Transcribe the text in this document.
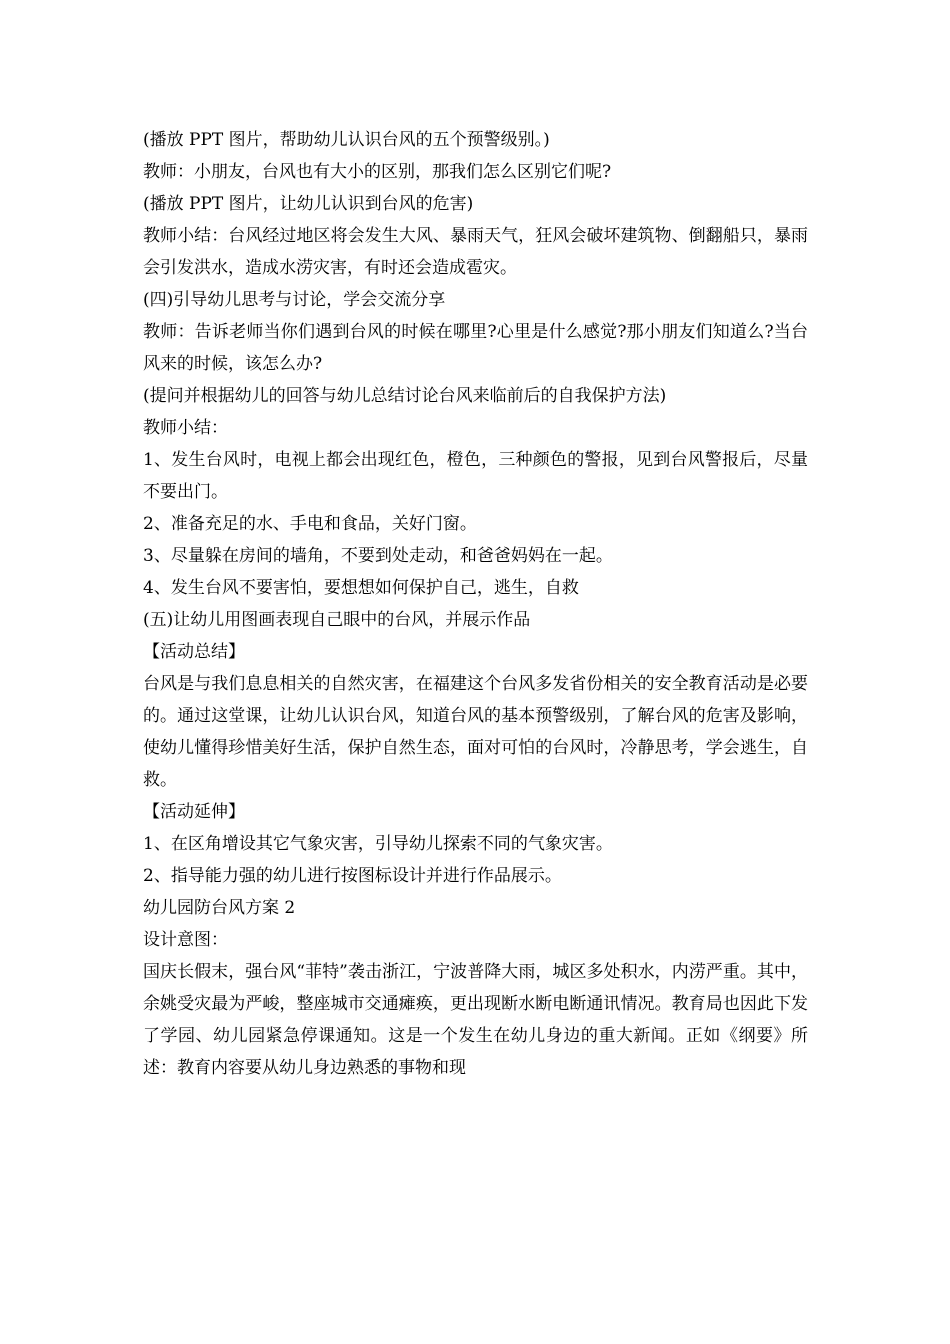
(播放 PPT 图片，帮助幼儿认识台风的五个预警级别。)

教师：小朋友，台风也有大小的区别，那我们怎么区别它们呢?

(播放 PPT 图片，让幼儿认识到台风的危害)

教师小结：台风经过地区将会发生大风、暴雨天气，狂风会破坏建筑物、倒翻船只，暴雨会引发洪水，造成水涝灾害，有时还会造成雹灾。

(四)引导幼儿思考与讨论，学会交流分享

教师：告诉老师当你们遇到台风的时候在哪里?心里是什么感觉?那小朋友们知道么?当台风来的时候，该怎么办?

(提问并根据幼儿的回答与幼儿总结讨论台风来临前后的自我保护方法)

教师小结：

1、发生台风时，电视上都会出现红色，橙色，三种颜色的警报，见到台风警报后，尽量不要出门。

2、准备充足的水、手电和食品，关好门窗。

3、尽量躲在房间的墙角，不要到处走动，和爸爸妈妈在一起。

4、发生台风不要害怕，要想想如何保护自己，逃生，自救

(五)让幼儿用图画表现自己眼中的台风，并展示作品

【活动总结】

台风是与我们息息相关的自然灾害，在福建这个台风多发省份相关的安全教育活动是必要的。通过这堂课，让幼儿认识台风，知道台风的基本预警级别，了解台风的危害及影响，使幼儿懂得珍惜美好生活，保护自然生态，面对可怕的台风时，冷静思考，学会逃生，自救。

【活动延伸】

1、在区角增设其它气象灾害，引导幼儿探索不同的气象灾害。

2、指导能力强的幼儿进行按图标设计并进行作品展示。

幼儿园防台风方案 2

设计意图：

国庆长假末，强台风“菲特”袭击浙江，宁波普降大雨，城区多处积水，内涝严重。其中，余姚受灾最为严峻，整座城市交通瘫痪，更出现断水断电断通讯情况。教育局也因此下发了学园、幼儿园紧急停课通知。这是一个发生在幼儿身边的重大新闻。正如《纲要》所述：教育内容要从幼儿身边熟悉的事物和现
